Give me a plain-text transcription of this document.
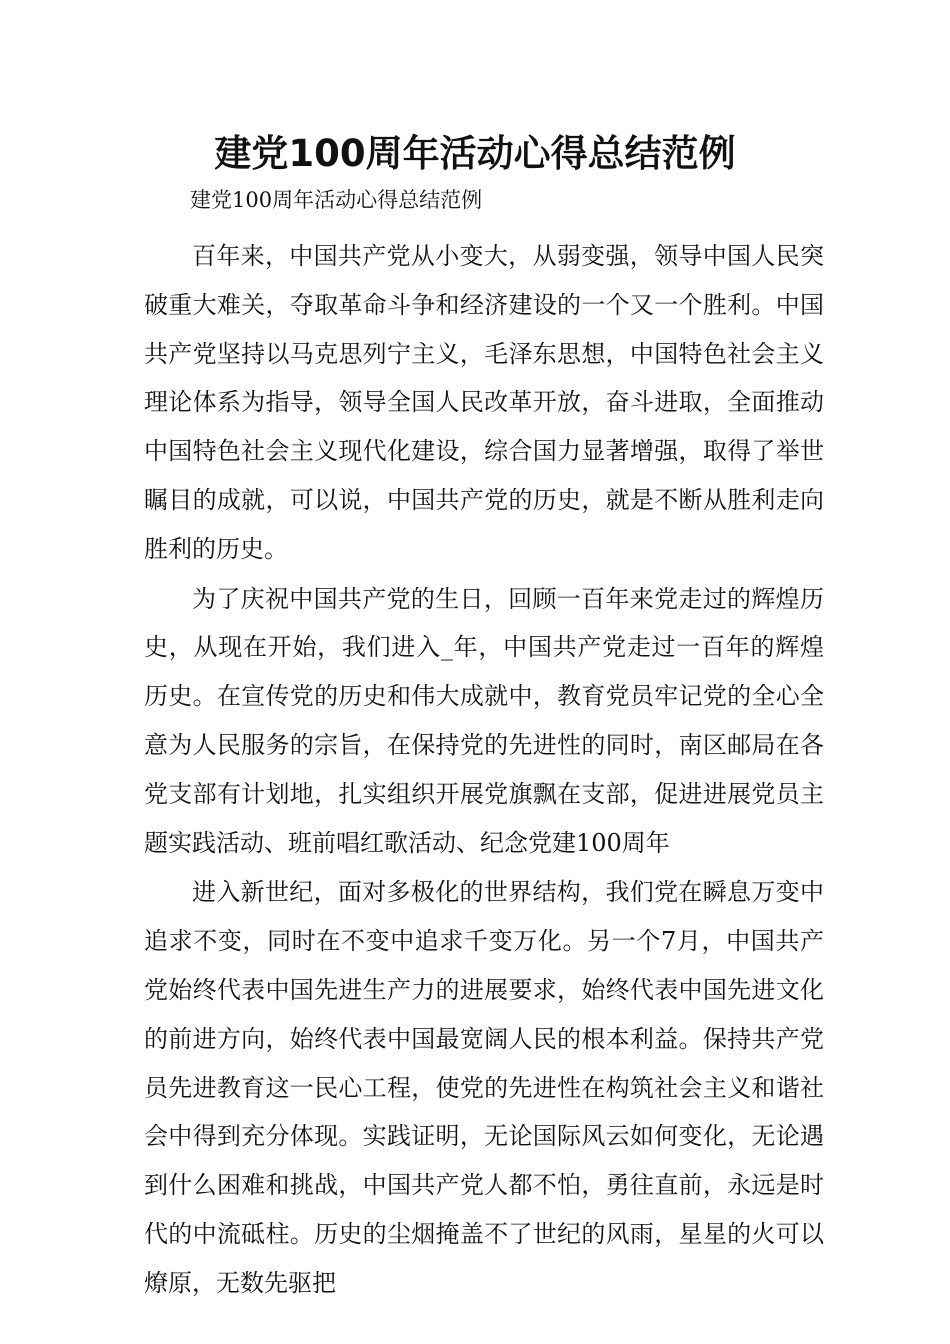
建党100周年活动心得总结范例

建党100周年活动心得总结范例

百年来，中国共产党从小变大，从弱变强，领导中国人民突破重大难关，夺取革命斗争和经济建设的一个又一个胜利。中国共产党坚持以马克思列宁主义，毛泽东思想，中国特色社会主义理论体系为指导，领导全国人民改革开放，奋斗进取，全面推动中国特色社会主义现代化建设，综合国力显著增强，取得了举世瞩目的成就，可以说，中国共产党的历史，就是不断从胜利走向胜利的历史。

为了庆祝中国共产党的生日，回顾一百年来党走过的辉煌历史，从现在开始，我们进入_年，中国共产党走过一百年的辉煌历史。在宣传党的历史和伟大成就中，教育党员牢记党的全心全意为人民服务的宗旨，在保持党的先进性的同时，南区邮局在各党支部有计划地，扎实组织开展党旗飘在支部，促进进展党员主题实践活动、班前唱红歌活动、纪念党建100周年

进入新世纪，面对多极化的世界结构，我们党在瞬息万变中追求不变，同时在不变中追求千变万化。另一个7月，中国共产党始终代表中国先进生产力的进展要求，始终代表中国先进文化的前进方向，始终代表中国最宽阔人民的根本利益。保持共产党员先进教育这一民心工程，使党的先进性在构筑社会主义和谐社会中得到充分体现。实践证明，无论国际风云如何变化，无论遇到什么困难和挑战，中国共产党人都不怕，勇往直前，永远是时代的中流砥柱。历史的尘烟掩盖不了世纪的风雨，星星的火可以燎原，无数先驱把
